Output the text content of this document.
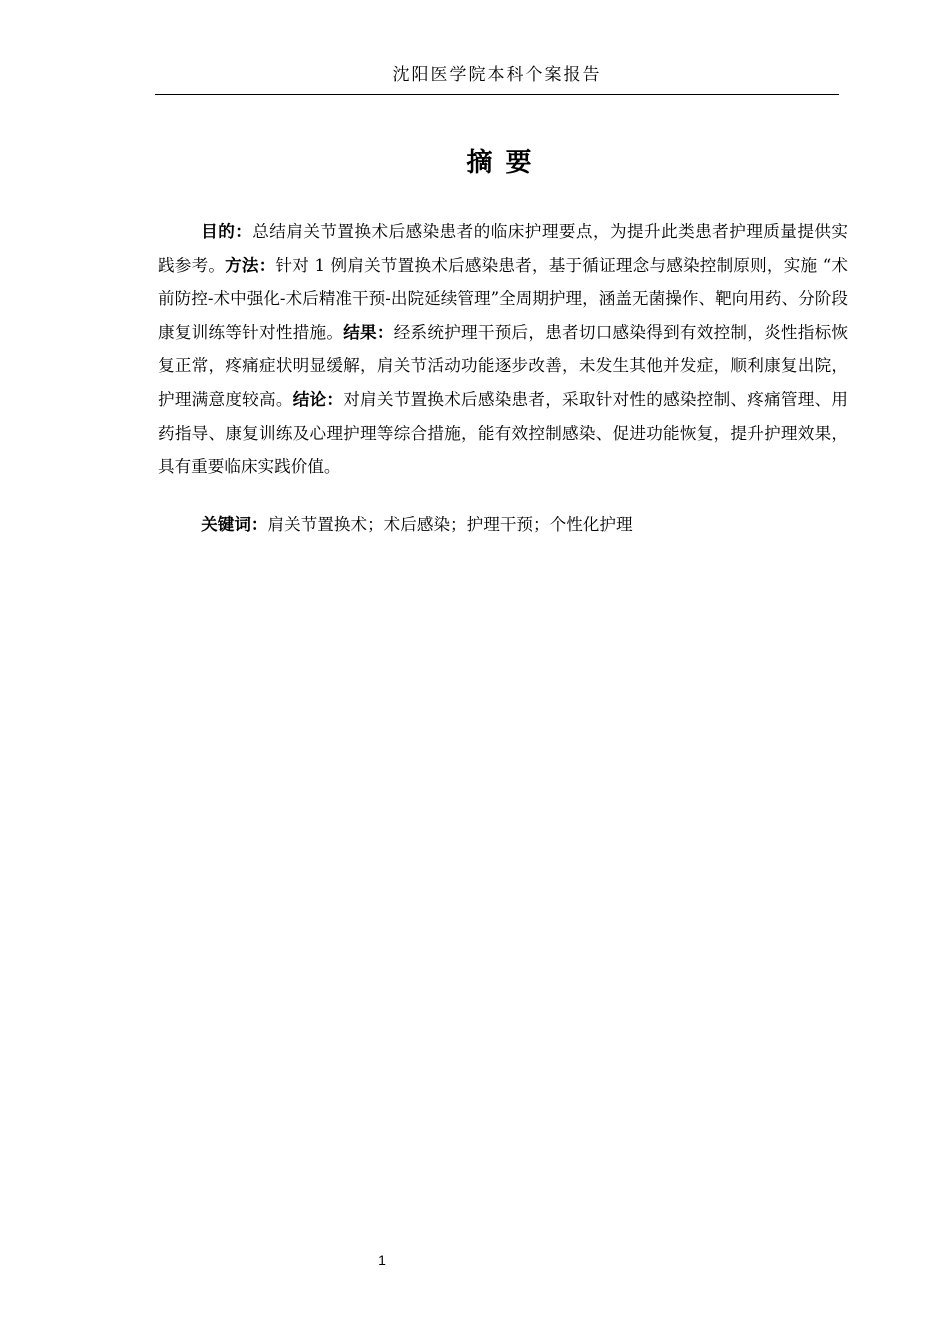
沈阳医学院本科个案报告
摘 要

目的：总结肩关节置换术后感染患者的临床护理要点，为提升此类患者护理质量提供实践参考。方法：针对 1 例肩关节置换术后感染患者，基于循证理念与感染控制原则，实施 “术前防控-术中强化-术后精准干预-出院延续管理”全周期护理，涵盖无菌操作、靶向用药、分阶段康复训练等针对性措施。结果：经系统护理干预后，患者切口感染得到有效控制，炎性指标恢复正常，疼痛症状明显缓解，肩关节活动功能逐步改善，未发生其他并发症，顺利康复出院，护理满意度较高。结论：对肩关节置换术后感染患者，采取针对性的感染控制、疼痛管理、用药指导、康复训练及心理护理等综合措施，能有效控制感染、促进功能恢复，提升护理效果，具有重要临床实践价值。

关键词：肩关节置换术；术后感染；护理干预；个性化护理

1
